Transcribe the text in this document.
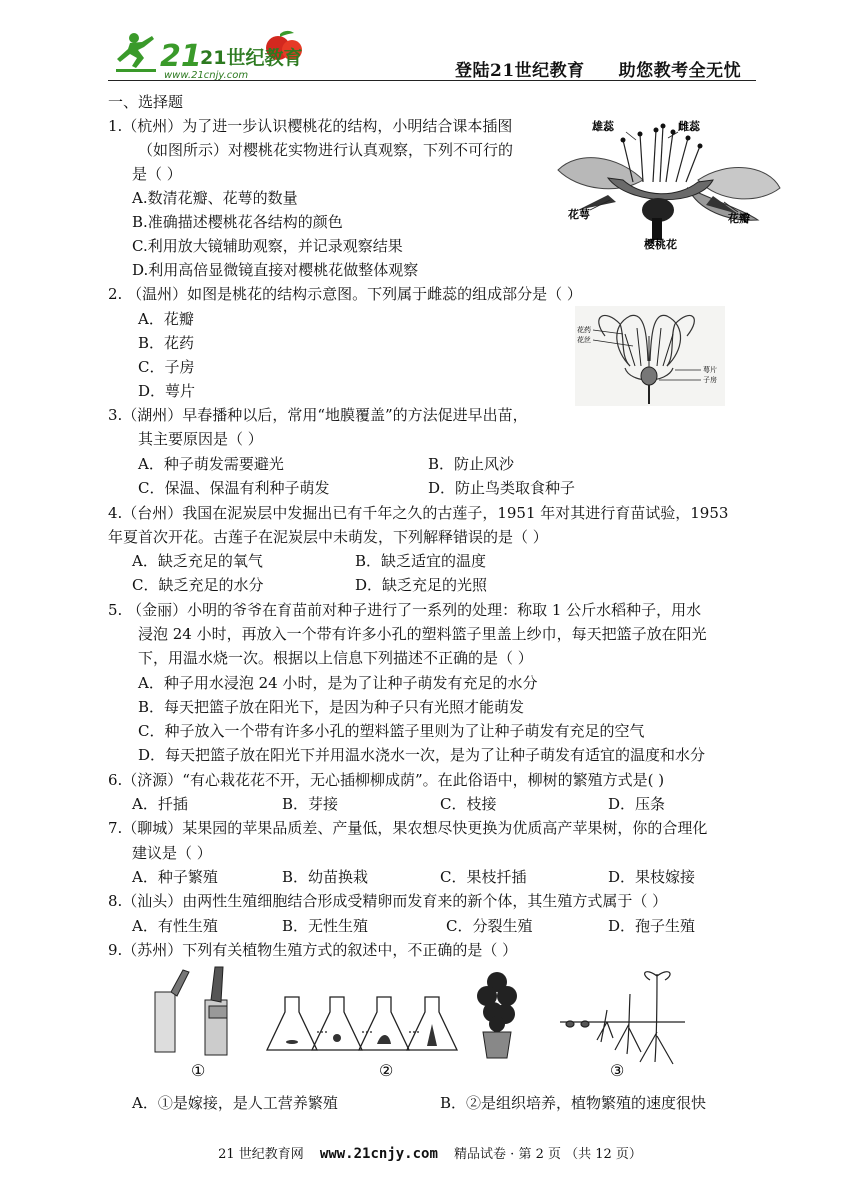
21
21世纪教育
www.21cnjy.com	登陆21世纪教育 助您教考全无忧
一、选择题
1.（杭州）为了进一步认识樱桃花的结构，小明结合课本插图
（如图所示）对樱桃花实物进行认真观察，下列不可行的
是（ ）
A.数清花瓣、花萼的数量
B.准确描述樱桃花各结构的颜色
C.利用放大镜辅助观察，并记录观察结果
D.利用高倍显微镜直接对樱桃花做整体观察
雄蕊	雌蕊
花萼	花瓣
樱桃花
2. （温州）如图是桃花的结构示意图。下列属于雌蕊的组成部分是（ ）
A．花瓣
B．花药
C．子房
D．萼片
花药
花丝
萼片
子房
3.（湖州）早春播种以后，常用“地膜覆盖”的方法促进早出苗，
其主要原因是（ ）
A．种子萌发需要避光	B．防止风沙
C．保温、保温有利种子萌发	D．防止鸟类取食种子
4.（台州）我国在泥炭层中发掘出已有千年之久的古莲子，1951 年对其进行育苗试验，1953
年夏首次开花。古莲子在泥炭层中未萌发，下列解释错误的是（ ）
A．缺乏充足的氧气	B．缺乏适宜的温度
C．缺乏充足的水分	D．缺乏充足的光照
5. （金丽）小明的爷爷在育苗前对种子进行了一系列的处理：称取 1 公斤水稻种子，用水
浸泡 24 小时，再放入一个带有许多小孔的塑料篮子里盖上纱巾，每天把篮子放在阳光
下，用温水烧一次。根据以上信息下列描述不正确的是（ ）
A．种子用水浸泡 24 小时，是为了让种子萌发有充足的水分
B．每天把篮子放在阳光下，是因为种子只有光照才能萌发
C．种子放入一个带有许多小孔的塑料篮子里则为了让种子萌发有充足的空气
D．每天把篮子放在阳光下并用温水浇水一次，是为了让种子萌发有适宜的温度和水分
6.（济源）“有心栽花花不开，无心插柳柳成荫”。在此俗语中，柳树的繁殖方式是( )
A．扦插	B．芽接	C．枝接	D．压条
7.（聊城）某果园的苹果品质差、产量低，果农想尽快更换为优质高产苹果树，你的合理化
建议是（ ）
A．种子繁殖	B．幼苗换栽	C．果枝扦插	D．果枝嫁接
8.（汕头）由两性生殖细胞结合形成受精卵而发育来的新个体，其生殖方式属于（ ）
A．有性生殖	B．无性生殖	C．分裂生殖	D．孢子生殖
9.（苏州）下列有关植物生殖方式的叙述中，不正确的是（ ）
①	②	③
A．①是嫁接，是人工营养繁殖	B．②是组织培养，植物繁殖的速度很快
21 世纪教育网 www.21cnjy.com 精品试卷 · 第 2 页 （共 12 页）
